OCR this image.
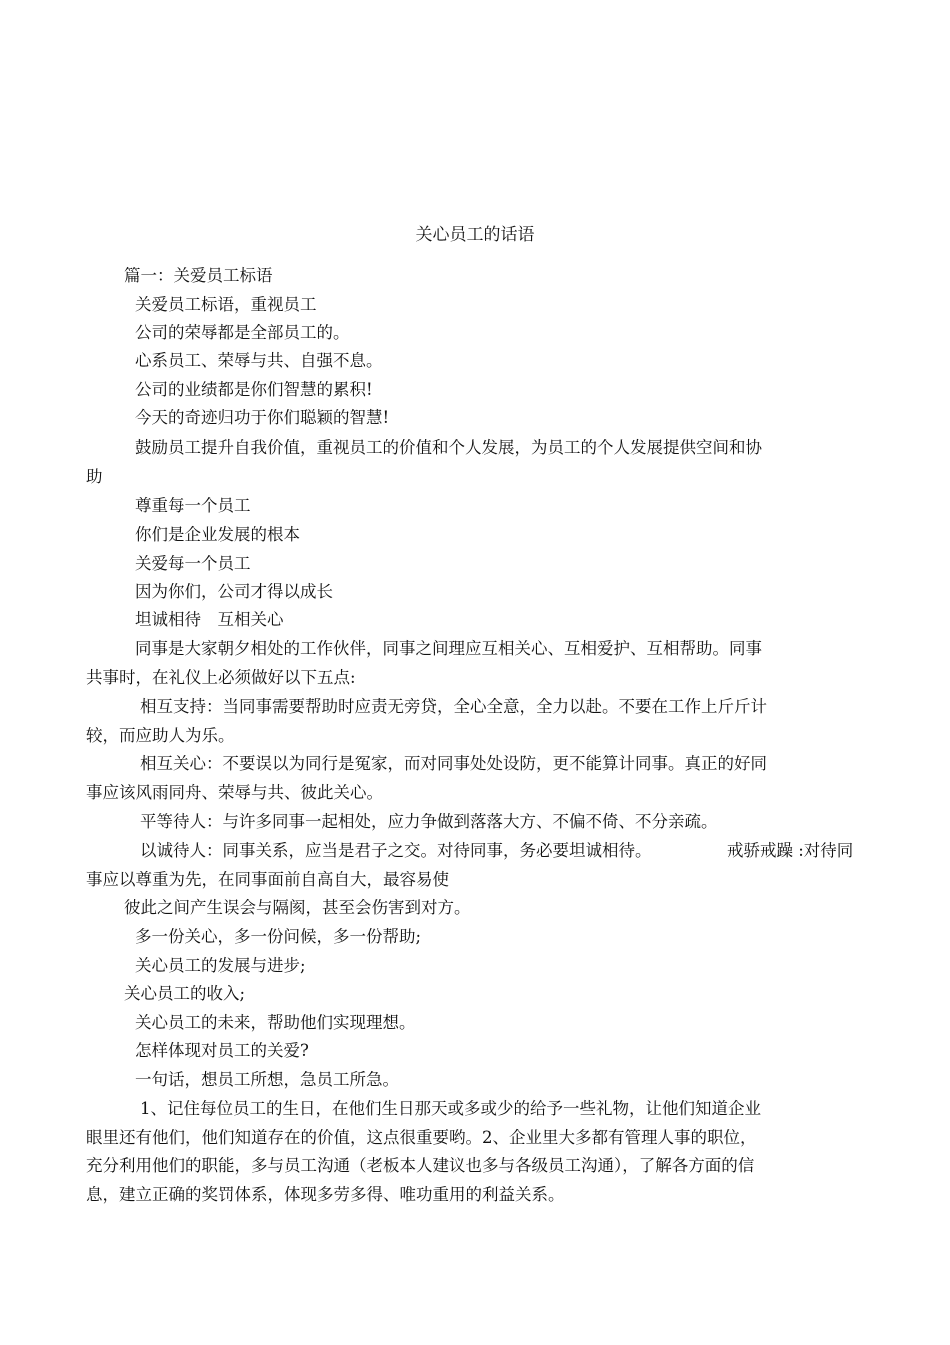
关心员工的话语
篇一：关爱员工标语
关爱员工标语，重视员工
公司的荣辱都是全部员工的。
心系员工、荣辱与共、自强不息。
公司的业绩都是你们智慧的累积!
今天的奇迹归功于你们聪颖的智慧!
鼓励员工提升自我价值，重视员工的价值和个人发展，为员工的个人发展提供空间和协
助
尊重每一个员工
你们是企业发展的根本
关爱每一个员工
因为你们，公司才得以成长
坦诚相待　互相关心
同事是大家朝夕相处的工作伙伴，同事之间理应互相关心、互相爱护、互相帮助。同事
共事时，在礼仪上必须做好以下五点:
相互支持：当同事需要帮助时应责无旁贷，全心全意，全力以赴。不要在工作上斤斤计
较，而应助人为乐。
相互关心：不要误以为同行是冤家，而对同事处处设防，更不能算计同事。真正的好同
事应该风雨同舟、荣辱与共、彼此关心。
平等待人：与许多同事一起相处，应力争做到落落大方、不偏不倚、不分亲疏。
以诚待人：同事关系，应当是君子之交。对待同事，务必要坦诚相待。	戒骄戒躁 :对待同
事应以尊重为先，在同事面前自高自大，最容易使
彼此之间产生误会与隔阂，甚至会伤害到对方。
多一份关心，多一份问候，多一份帮助;
关心员工的发展与进步;
关心员工的收入;
关心员工的未来，帮助他们实现理想。
怎样体现对员工的关爱?
一句话，想员工所想，急员工所急。
1、记住每位员工的生日，在他们生日那天或多或少的给予一些礼物，让他们知道企业
眼里还有他们，他们知道存在的价值，这点很重要哟。2、企业里大多都有管理人事的职位，
充分利用他们的职能，多与员工沟通（老板本人建议也多与各级员工沟通），了解各方面的信
息，建立正确的奖罚体系，体现多劳多得、唯功重用的利益关系。
